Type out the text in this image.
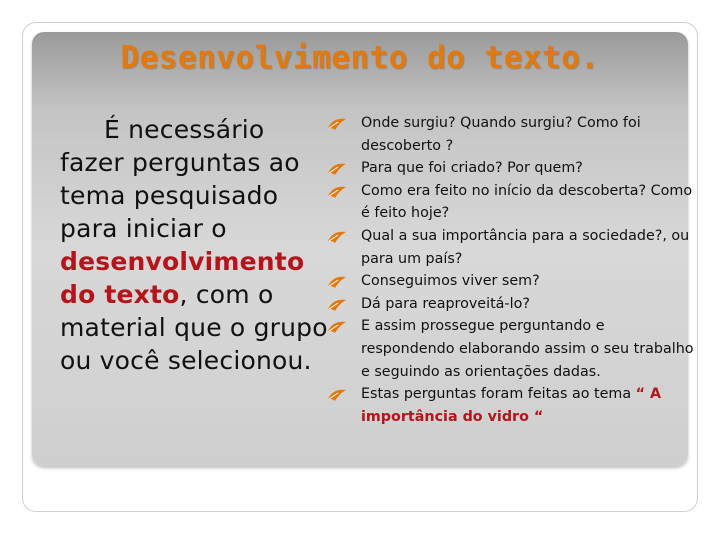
Desenvolvimento do texto.
É necessário
fazer perguntas ao tema pesquisado para iniciar o desenvolvimento do texto, com o material que o grupo ou você selecionou.
Onde surgiu? Quando surgiu? Como foi descoberto ?
Para que foi criado? Por quem?
Como era feito no início da descoberta? Como é feito hoje?
Qual a sua importância para a sociedade?, ou para um país?
Conseguimos viver sem?
Dá para reaproveitá-lo?
E assim prossegue perguntando e respondendo elaborando assim o seu trabalho e seguindo as orientações dadas.
Estas perguntas foram feitas ao tema “ A importância do vidro “
